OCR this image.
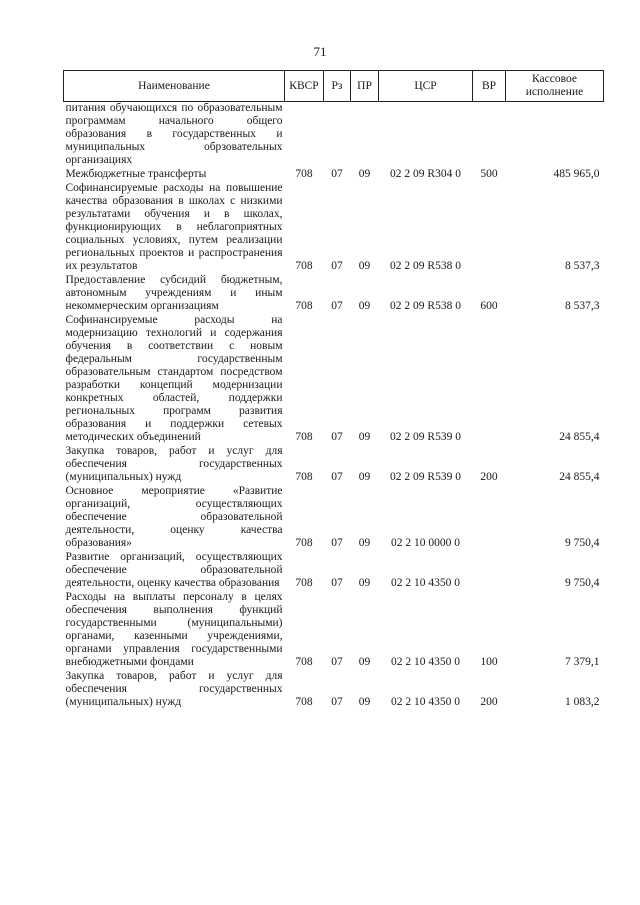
71
Наименование	КВСР	Рз	ПР	ЦСР	ВР	Кассовое исполнение
питания обучающихся по образовательным программам начального общего образования в государственных и муниципальных обрзовательных организациях						
Межбюджетные трансферты	708	07	09	02 2 09 R304 0	500	485 965,0
Софинансируемые расходы на повышение качества образования в школах с низкими результатами обучения и в школах, функционирующих в неблагоприятных социальных условиях, путем реализации региональных проектов и распространения их результатов	708	07	09	02 2 09 R538 0		8 537,3
Предоставление субсидий бюджетным, автономным учреждениям и иным некоммерческим организациям	708	07	09	02 2 09 R538 0	600	8 537,3
Софинансируемые расходы на модернизацию технологий и содержания обучения в соответствии с новым федеральным государственным образовательным стандартом посредством разработки концепций модернизации конкретных областей, поддержки региональных программ развития образования и поддержки сетевых методических объединений	708	07	09	02 2 09 R539 0		24 855,4
Закупка товаров, работ и услуг для обеспечения государственных (муниципальных) нужд	708	07	09	02 2 09 R539 0	200	24 855,4
Основное мероприятие «Развитие организаций, осуществляющих обеспечение образовательной деятельности, оценку качества образования»	708	07	09	02 2 10 0000 0		9 750,4
Развитие организаций, осуществляющих обеспечение образовательной деятельности, оценку качества образования	708	07	09	02 2 10 4350 0		9 750,4
Расходы на выплаты персоналу в целях обеспечения выполнения функций государственными (муниципальными) органами, казенными учреждениями, органами управления государственными внебюджетными фондами	708	07	09	02 2 10 4350 0	100	7 379,1
Закупка товаров, работ и услуг для обеспечения государственных (муниципальных) нужд	708	07	09	02 2 10 4350 0	200	1 083,2
